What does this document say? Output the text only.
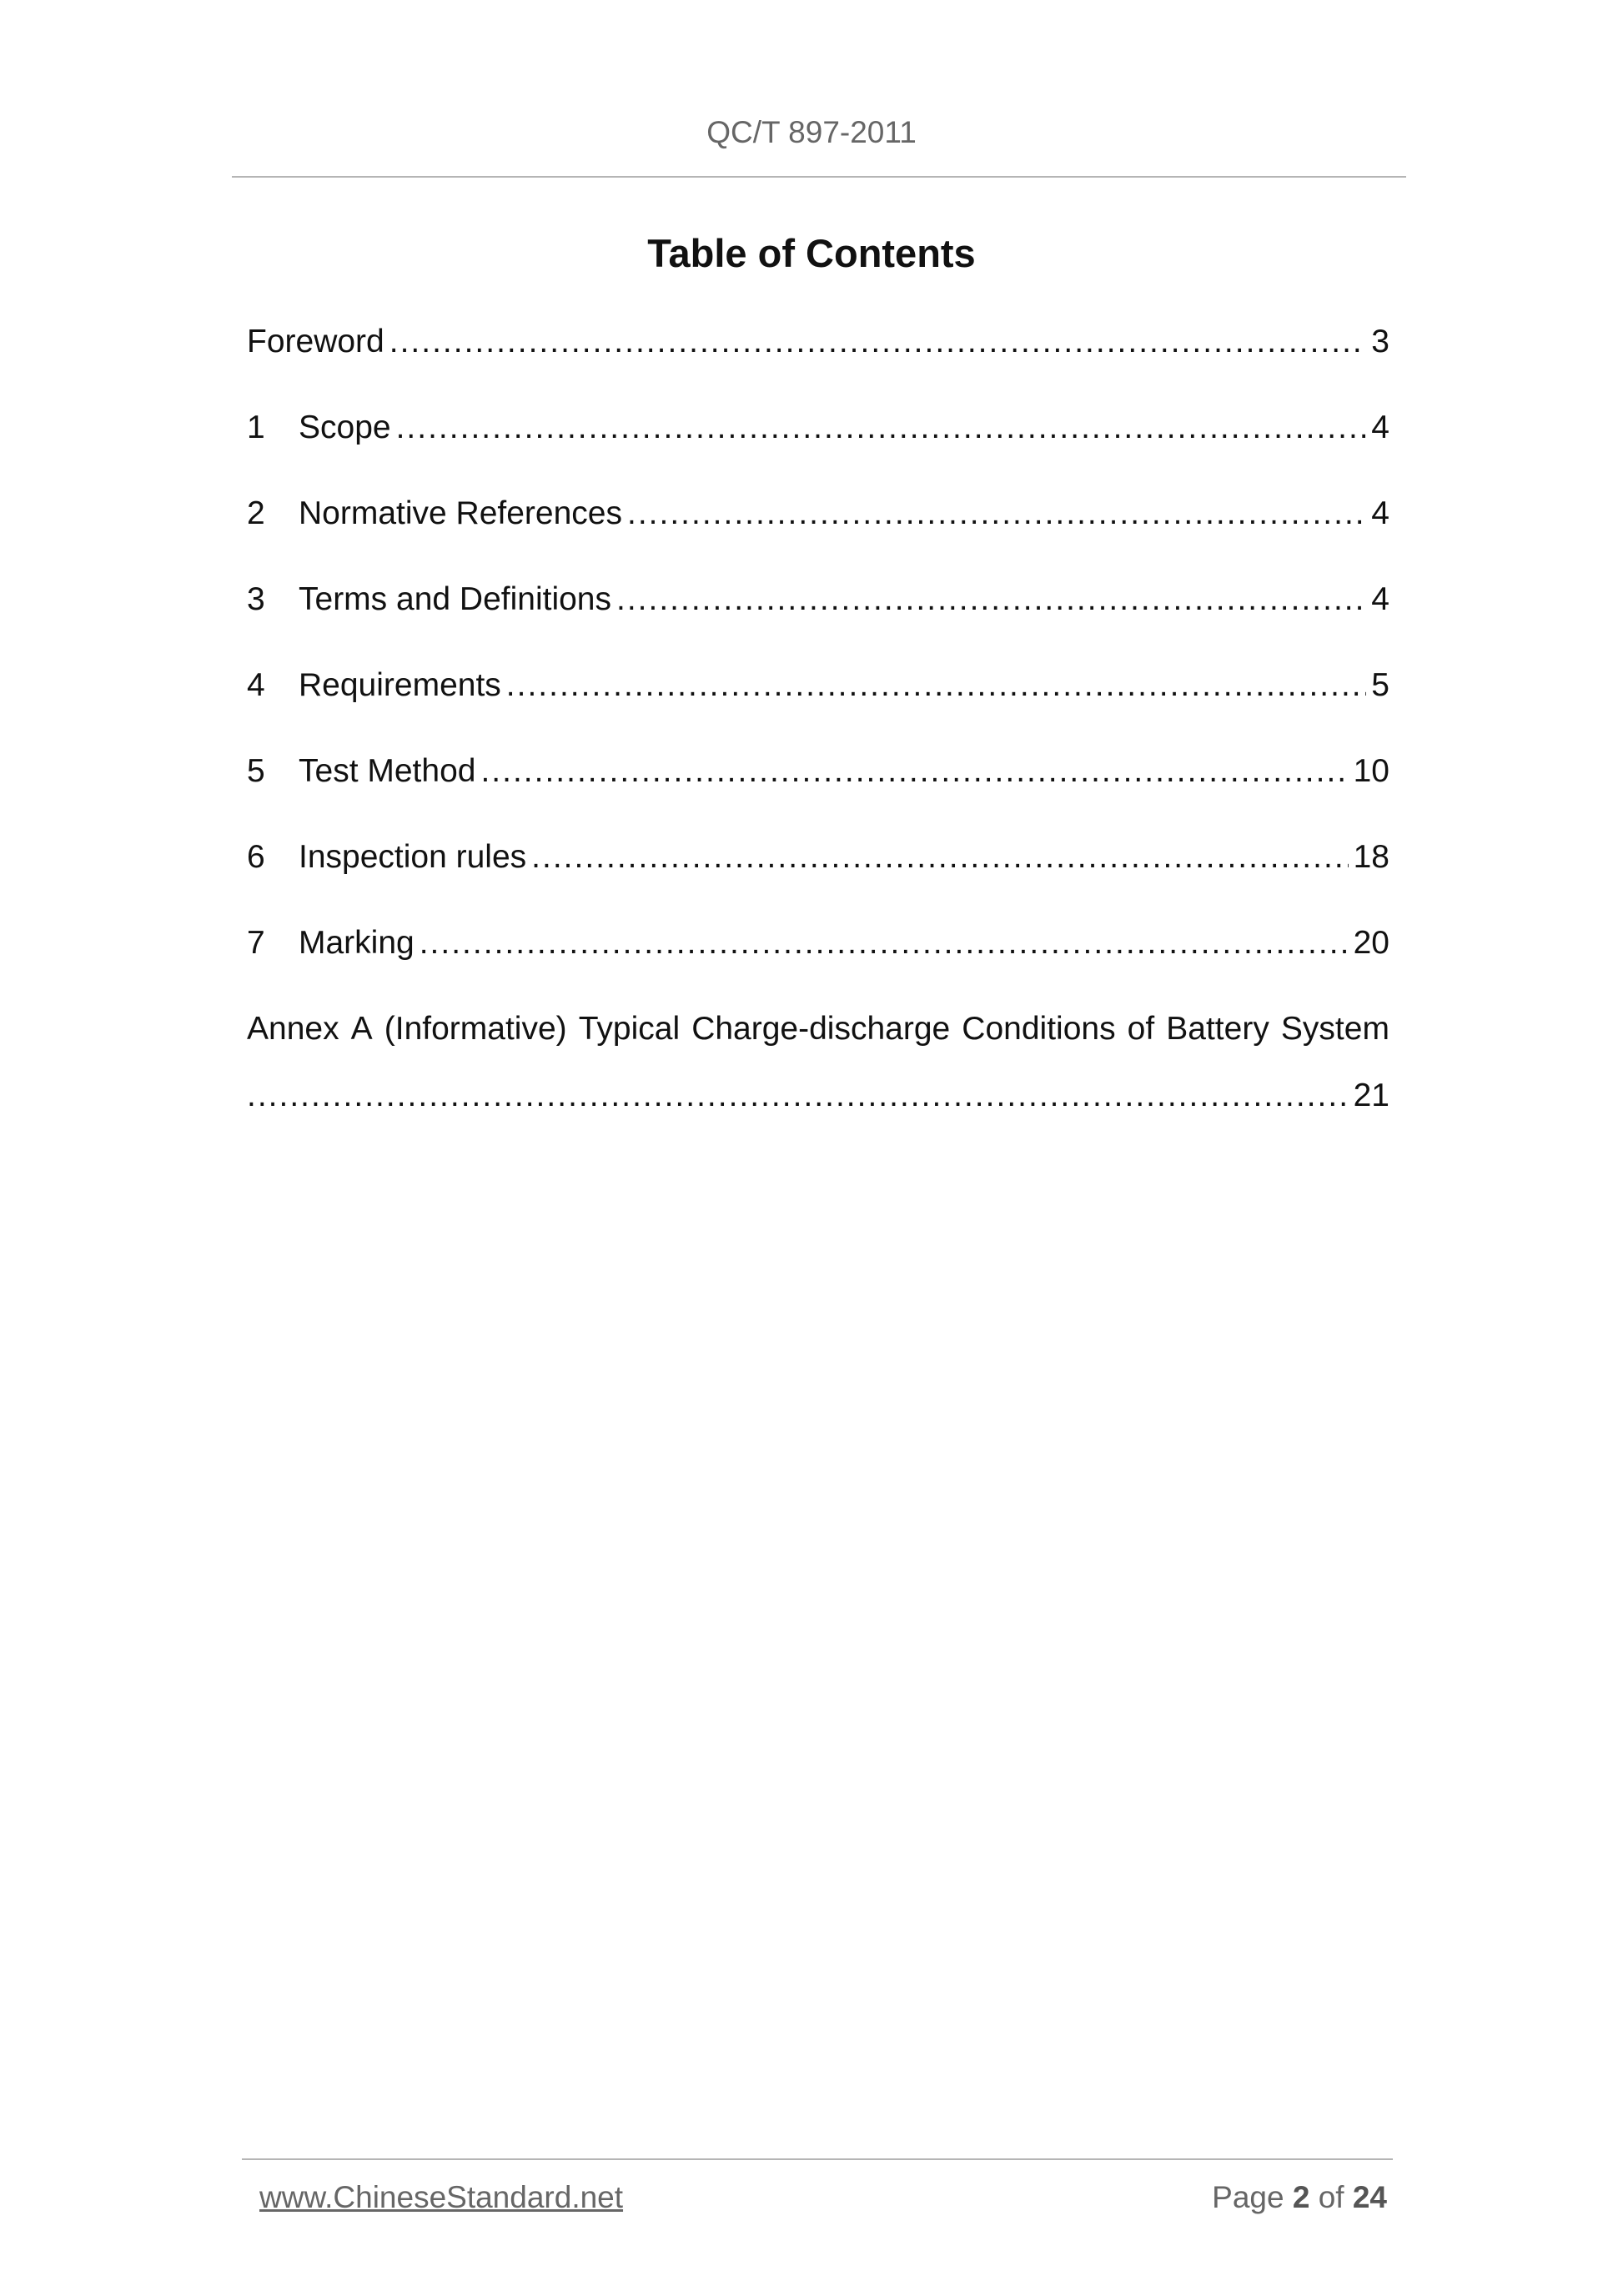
QC/T 897-2011
Table of Contents
Foreword .....	3
1	Scope .....	4
2	Normative References .....	4
3	Terms and Definitions .....	4
4	Requirements .....	5
5	Test Method .....	10
6	Inspection rules .....	18
7	Marking .....	20
Annex A (Informative) Typical Charge-discharge Conditions of Battery System
.....
21
www.ChineseStandard.net	Page 2 of 24
